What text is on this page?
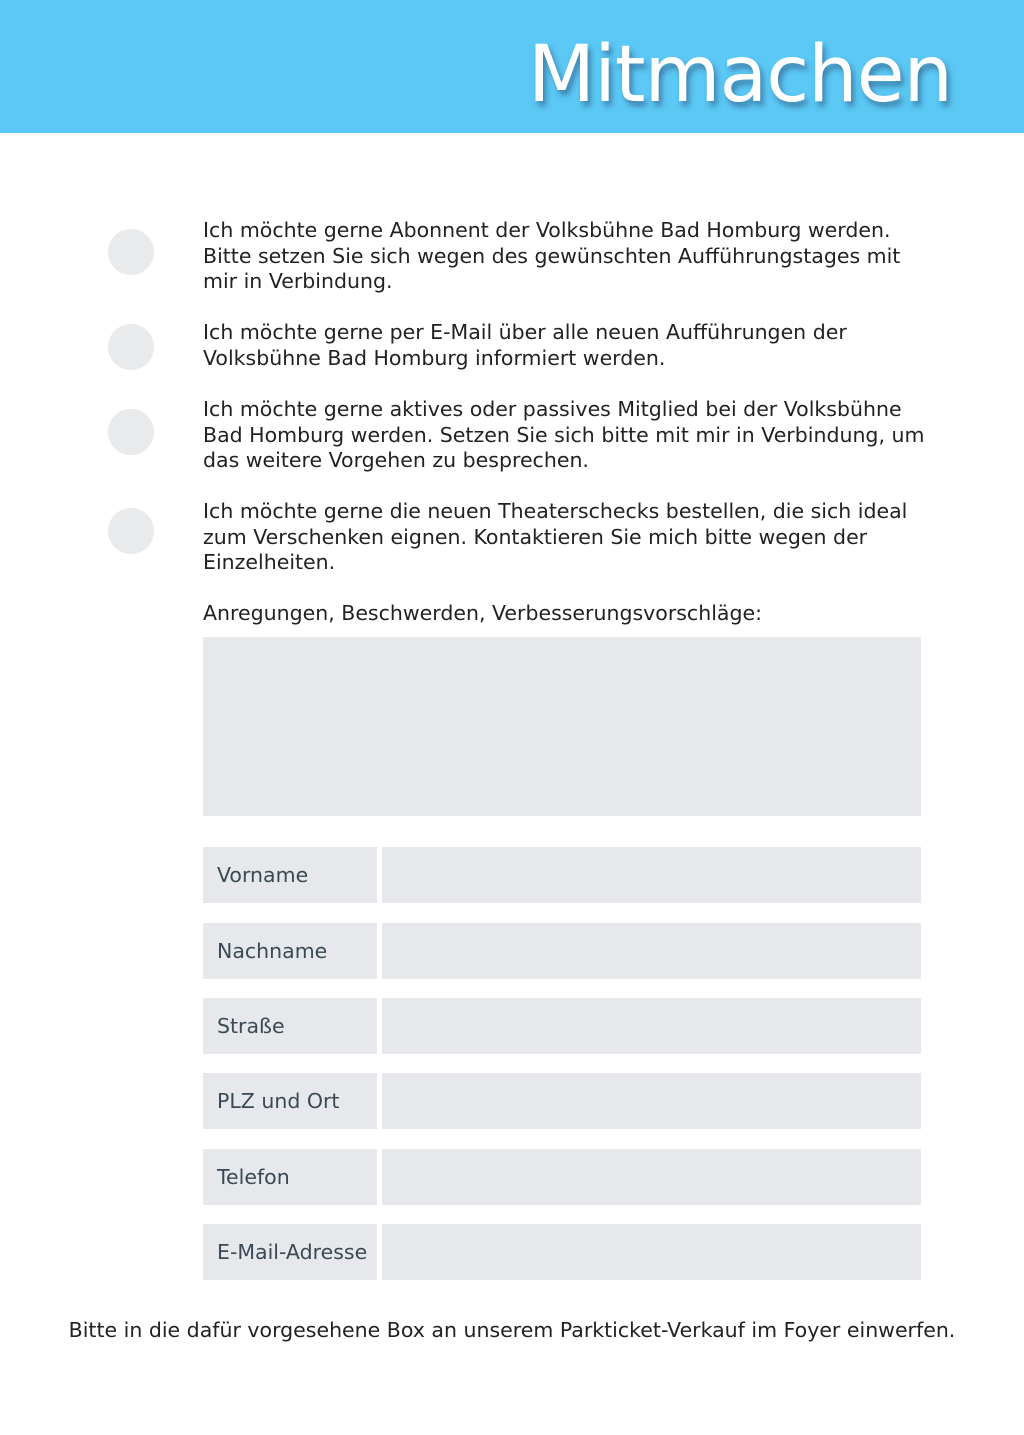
Mitmachen
Ich möchte gerne Abonnent der Volksbühne Bad Homburg werden. Bitte setzen Sie sich wegen des gewünschten Aufführungstages mit mir in Verbindung.
Ich möchte gerne per E-Mail über alle neuen Aufführungen der Volksbühne Bad Homburg informiert werden.
Ich möchte gerne aktives oder passives Mitglied bei der Volksbühne Bad Homburg werden. Setzen Sie sich bitte mit mir in Verbindung, um das weitere Vorgehen zu besprechen.
Ich möchte gerne die neuen Theaterschecks bestellen, die sich ideal zum Verschenken eignen. Kontaktieren Sie mich bitte wegen der Einzelheiten.
Anregungen, Beschwerden, Verbesserungsvorschläge:
Vorname
Nachname
Straße
PLZ und Ort
Telefon
E-Mail-Adresse
Bitte in die dafür vorgesehene Box an unserem Parkticket-Verkauf im Foyer einwerfen.
